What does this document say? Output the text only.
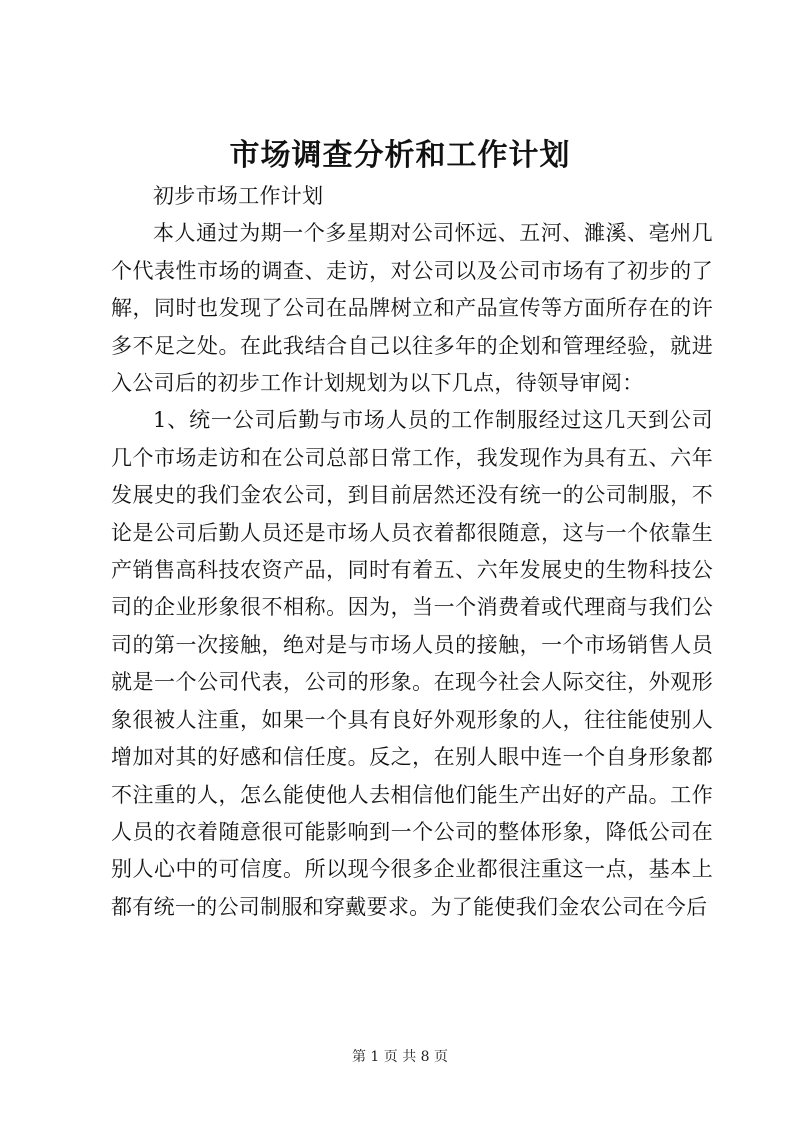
市场调查分析和工作计划

初步市场工作计划

本人通过为期一个多星期对公司怀远、五河、濉溪、亳州几个代表性市场的调查、走访，对公司以及公司市场有了初步的了解，同时也发现了公司在品牌树立和产品宣传等方面所存在的许多不足之处。在此我结合自己以往多年的企划和管理经验，就进入公司后的初步工作计划规划为以下几点，待领导审阅：

1、统一公司后勤与市场人员的工作制服经过这几天到公司几个市场走访和在公司总部日常工作，我发现作为具有五、六年发展史的我们金农公司，到目前居然还没有统一的公司制服，不论是公司后勤人员还是市场人员衣着都很随意，这与一个依靠生产销售高科技农资产品，同时有着五、六年发展史的生物科技公司的企业形象很不相称。因为，当一个消费着或代理商与我们公司的第一次接触，绝对是与市场人员的接触，一个市场销售人员就是一个公司代表，公司的形象。在现今社会人际交往，外观形象很被人注重，如果一个具有良好外观形象的人，往往能使别人增加对其的好感和信任度。反之，在别人眼中连一个自身形象都不注重的人，怎么能使他人去相信他们能生产出好的产品。工作人员的衣着随意很可能影响到一个公司的整体形象，降低公司在别人心中的可信度。所以现今很多企业都很注重这一点，基本上都有统一的公司制服和穿戴要求。为了能使我们金农公司在今后

第 1 页 共 8 页
